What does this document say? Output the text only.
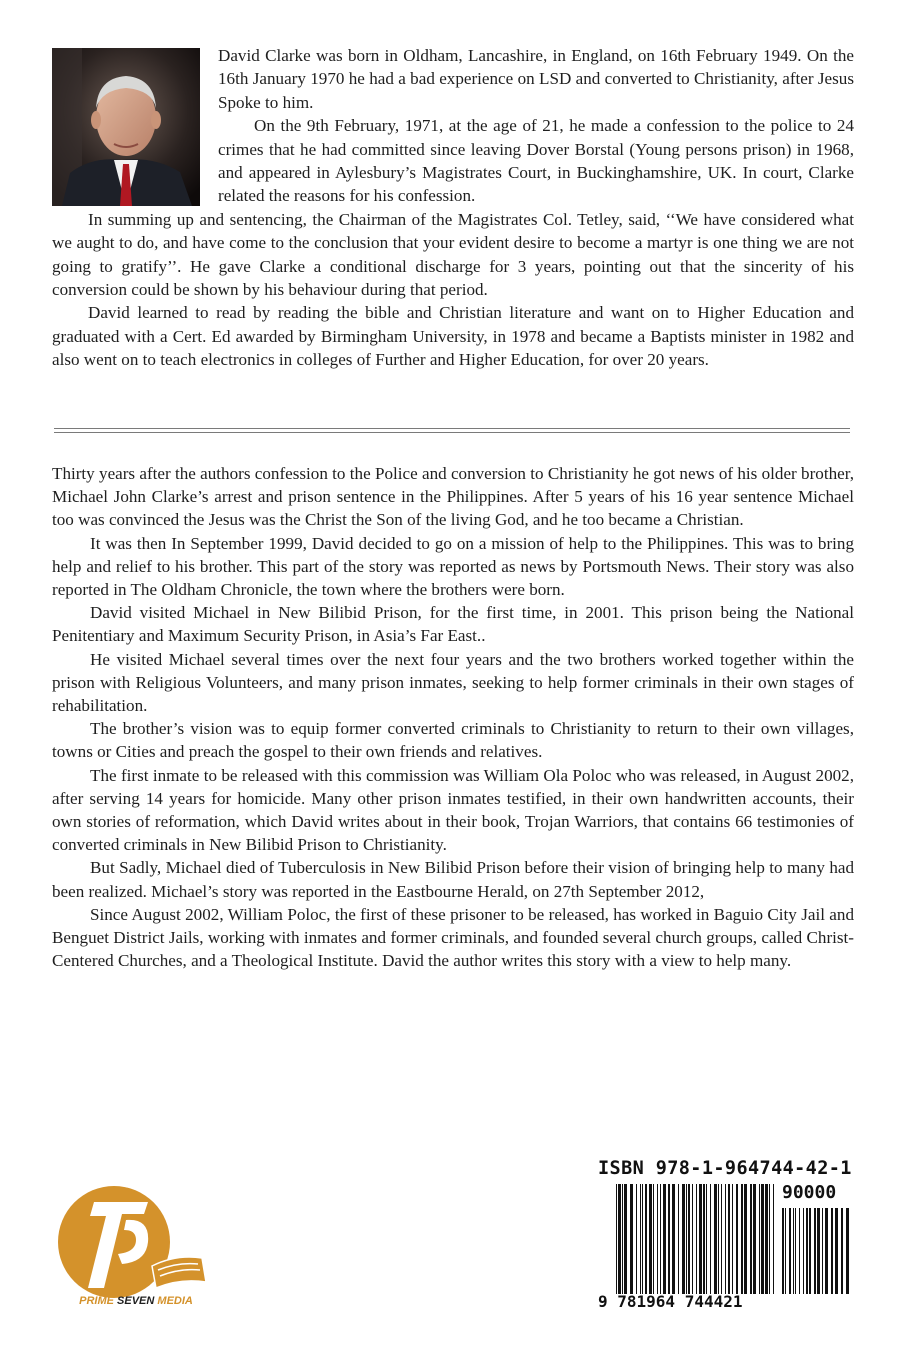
David Clarke was born in Oldham, Lancashire, in England, on 16th February 1949. On the 16th January 1970 he had a bad experience on LSD and converted to Christianity, after Jesus Spoke to him.

On the 9th February, 1971, at the age of 21, he made a confession to the police to 24 crimes that he had committed since leaving Dover Borstal (Young persons prison) in 1968, and appeared in Aylesbury’s Magistrates Court, in Buckinghamshire, UK. In court, Clarke related the reasons for his confession.

In summing up and sentencing, the Chairman of the Magistrates Col. Tetley, said, ‘‘We have considered what we aught to do, and have come to the conclusion that your evident desire to become a martyr is one thing we are not going to gratify’’. He gave Clarke a conditional discharge for 3 years, pointing out that the sincerity of his conversion could be shown by his behaviour during that period.

David learned to read by reading the bible and Christian literature and want on to Higher Education and graduated with a Cert. Ed awarded by Birmingham University, in 1978 and became a Baptists minister in 1982 and also went on to teach electronics in colleges of Further and Higher Education, for over 20 years.

Thirty years after the authors confession to the Police and conversion to Christianity he got news of his older brother, Michael John Clarke’s arrest and prison sentence in the Philippines. After 5 years of his 16 year sentence Michael too was convinced the Jesus was the Christ the Son of the living God, and he too became a Christian.

It was then In September 1999, David decided to go on a mission of help to the Philippines. This was to bring help and relief to his brother. This part of the story was reported as news by Portsmouth News. Their story was also reported in The Oldham Chronicle, the town where the brothers were born.

David visited Michael in New Bilibid Prison, for the first time, in 2001. This prison being the National Penitentiary and Maximum Security Prison, in Asia’s Far East..

He visited Michael several times over the next four years and the two brothers worked together within the prison with Religious Volunteers, and many prison inmates, seeking to help former criminals in their own stages of rehabilitation.

The brother’s vision was to equip former converted criminals to Christianity to return to their own villages, towns or Cities and preach the gospel to their own friends and relatives.

The first inmate to be released with this commission was William Ola Poloc who was released, in August 2002, after serving 14 years for homicide. Many other prison inmates testified, in their own handwritten accounts, their own stories of reformation, which David writes about in their book, Trojan Warriors, that contains 66 testimonies of converted criminals in New Bilibid Prison to Christianity.

But Sadly, Michael died of Tuberculosis in New Bilibid Prison before their vision of bringing help to many had been realized. Michael’s story was reported in the Eastbourne Herald, on 27th September 2012,

Since August 2002, William Poloc, the first of these prisoner to be released, has worked in Baguio City Jail and Benguet District Jails, working with inmates and former criminals, and founded several church groups, called Christ-Centered Churches, and a Theological Institute. David the author writes this story with a view to help many.

PRIME SEVEN MEDIA
ISBN 978-1-964744-42-1
90000
9 781964 744421
